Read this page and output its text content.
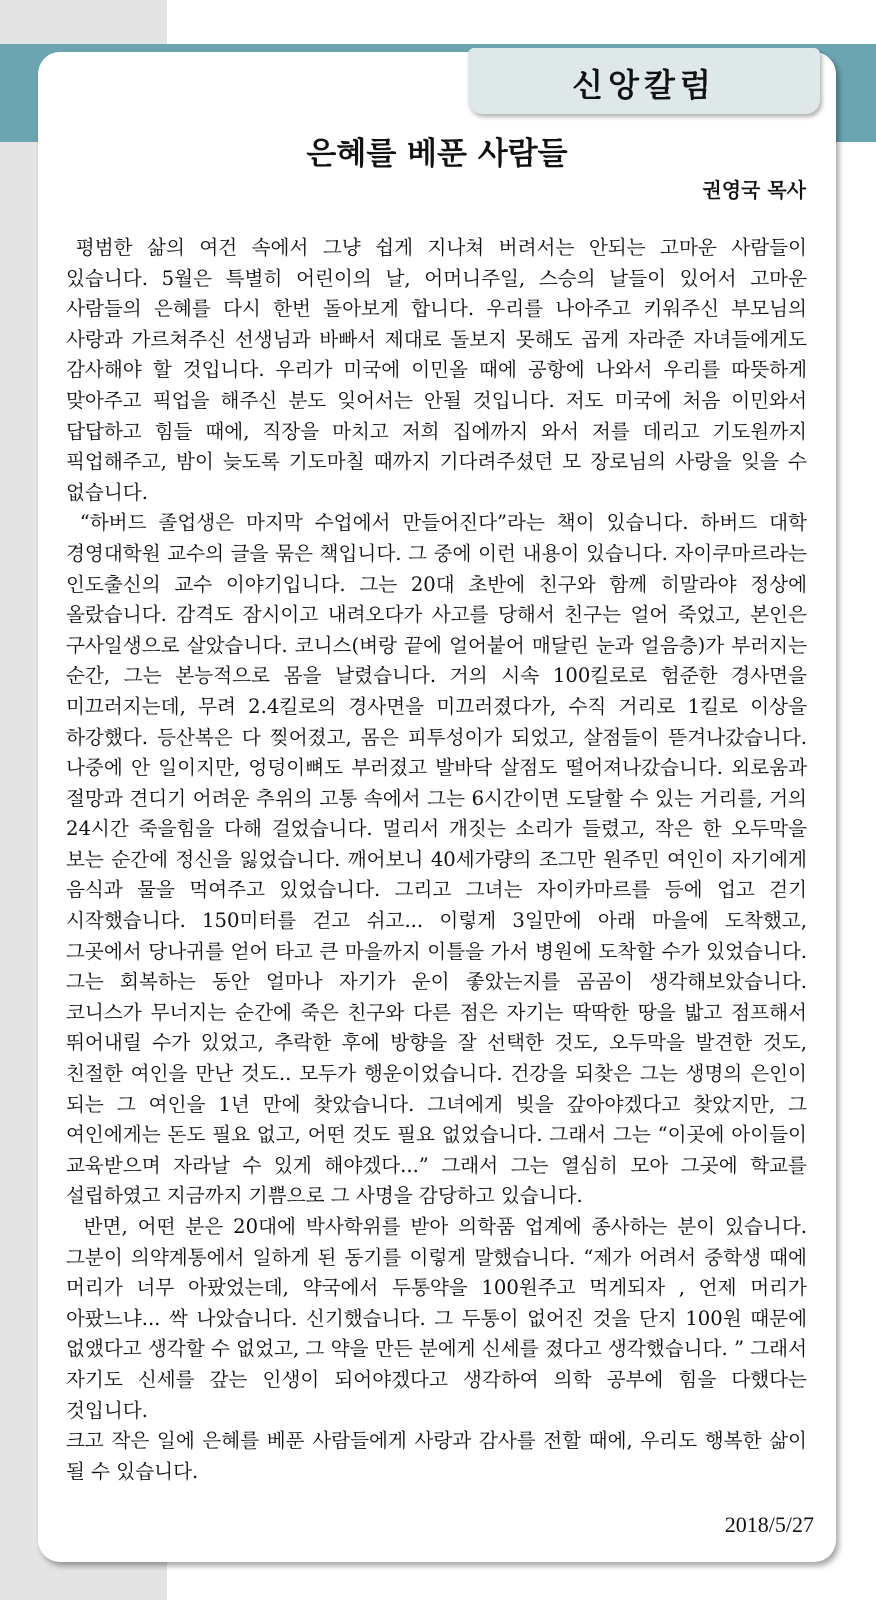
신앙칼럼
은혜를 베푼 사람들
권영국 목사

평범한 삶의 여건 속에서 그냥 쉽게 지나쳐 버려서는 안되는 고마운 사람들이 있습니다. 5월은 특별히 어린이의 날, 어머니주일, 스승의 날들이 있어서 고마운 사람들의 은혜를 다시 한번 돌아보게 합니다. 우리를 나아주고 키워주신 부모님의 사랑과 가르쳐주신 선생님과 바빠서 제대로 돌보지 못해도 곱게 자라준 자녀들에게도 감사해야 할 것입니다. 우리가 미국에 이민올 때에 공항에 나와서 우리를 따뜻하게 맞아주고 픽업을 해주신 분도 잊어서는 안될 것입니다. 저도 미국에 처음 이민와서 답답하고 힘들 때에, 직장을 마치고 저희 집에까지 와서 저를 데리고 기도원까지 픽업해주고, 밤이 늦도록 기도마칠 때까지 기다려주셨던 모 장로님의 사랑을 잊을 수 없습니다.

“하버드 졸업생은 마지막 수업에서 만들어진다”라는 책이 있습니다. 하버드 대학 경영대학원 교수의 글을 묶은 책입니다. 그 중에 이런 내용이 있습니다. 자이쿠마르라는 인도출신의 교수 이야기입니다. 그는 20대 초반에 친구와 함께 히말라야 정상에 올랐습니다. 감격도 잠시이고 내려오다가 사고를 당해서 친구는 얼어 죽었고, 본인은 구사일생으로 살았습니다. 코니스(벼랑 끝에 얼어붙어 매달린 눈과 얼음층)가 부러지는 순간, 그는 본능적으로 몸을 날렸습니다. 거의 시속 100킬로로 험준한 경사면을 미끄러지는데, 무려 2.4킬로의 경사면을 미끄러졌다가, 수직 거리로 1킬로 이상을 하강했다. 등산복은 다 찢어졌고, 몸은 피투성이가 되었고, 살점들이 뜯겨나갔습니다. 나중에 안 일이지만, 엉덩이뼈도 부러졌고 발바닥 살점도 떨어져나갔습니다. 외로움과 절망과 견디기 어려운 추위의 고통 속에서 그는 6시간이면 도달할 수 있는 거리를, 거의 24시간 죽을힘을 다해 걸었습니다. 멀리서 개짓는 소리가 들렸고, 작은 한 오두막을 보는 순간에 정신을 잃었습니다. 깨어보니 40세가량의 조그만 원주민 여인이 자기에게 음식과 물을 먹여주고 있었습니다. 그리고 그녀는 자이카마르를 등에 업고 걷기 시작했습니다. 150미터를 걷고 쉬고... 이렇게 3일만에 아래 마을에 도착했고, 그곳에서 당나귀를 얻어 타고 큰 마을까지 이틀을 가서 병원에 도착할 수가 있었습니다. 그는 회복하는 동안 얼마나 자기가 운이 좋았는지를 곰곰이 생각해보았습니다. 코니스가 무너지는 순간에 죽은 친구와 다른 점은 자기는 딱딱한 땅을 밟고 점프해서 뛰어내릴 수가 있었고, 추락한 후에 방향을 잘 선택한 것도, 오두막을 발견한 것도, 친절한 여인을 만난 것도.. 모두가 행운이었습니다. 건강을 되찾은 그는 생명의 은인이 되는 그 여인을 1년 만에 찾았습니다. 그녀에게 빚을 갚아야겠다고 찾았지만, 그 여인에게는 돈도 필요 없고, 어떤 것도 필요 없었습니다. 그래서 그는 “이곳에 아이들이 교육받으며 자라날 수 있게 해야겠다...” 그래서 그는 열심히 모아 그곳에 학교를 설립하였고 지금까지 기쁨으로 그 사명을 감당하고 있습니다.

반면, 어떤 분은 20대에 박사학위를 받아 의학품 업계에 종사하는 분이 있습니다. 그분이 의약계통에서 일하게 된 동기를 이렇게 말했습니다. “제가 어려서 중학생 때에 머리가 너무 아팠었는데, 약국에서 두통약을 100원주고 먹게되자 , 언제 머리가 아팠느냐... 싹 나았습니다. 신기했습니다. 그 두통이 없어진 것을 단지 100원 때문에 없앴다고 생각할 수 없었고, 그 약을 만든 분에게 신세를 졌다고 생각했습니다. ” 그래서 자기도 신세를 갚는 인생이 되어야겠다고 생각하여 의학 공부에 힘을 다했다는 것입니다.

크고 작은 일에 은혜를 베푼 사람들에게 사랑과 감사를 전할 때에, 우리도 행복한 삶이 될 수 있습니다.

2018/5/27
